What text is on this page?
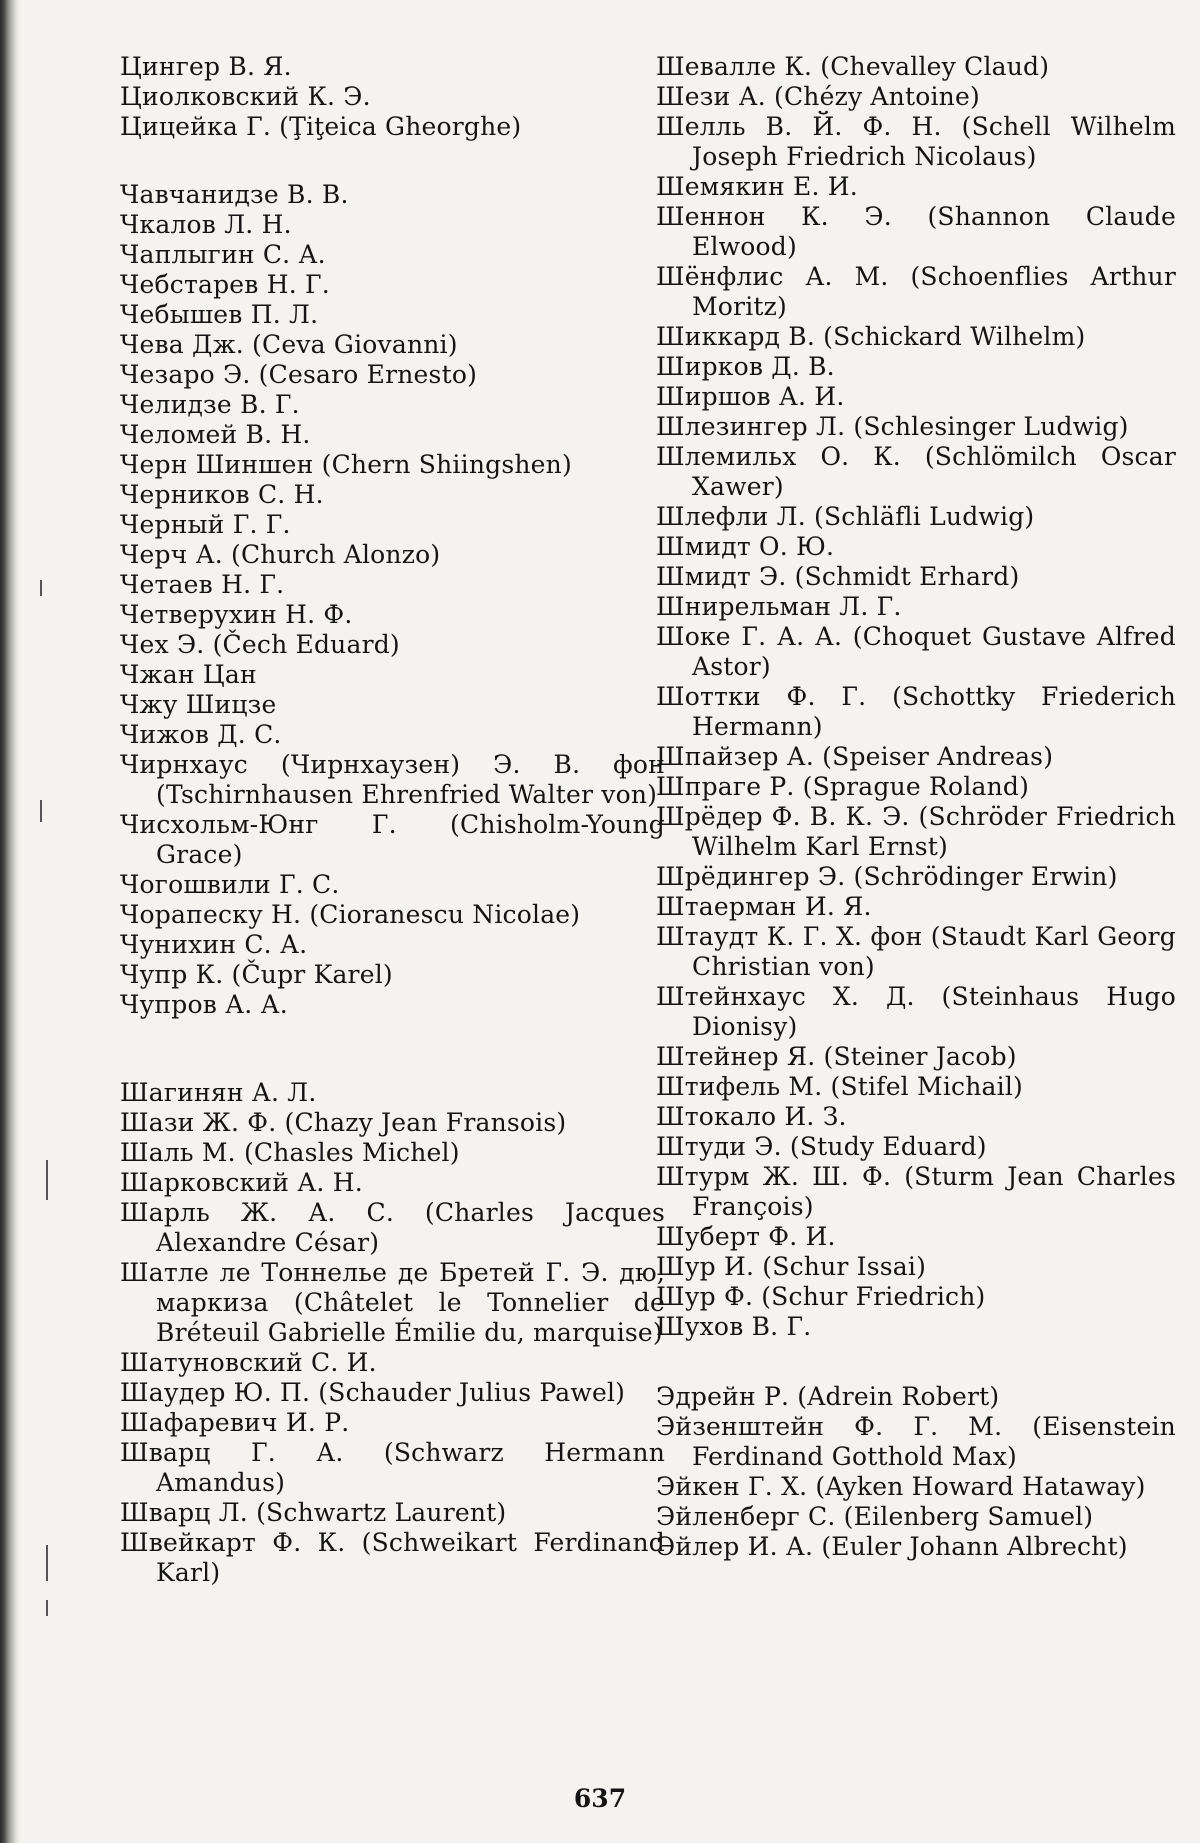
Цингер В. Я.

Циолковский К. Э.

Цицейка Г. (Ţiţeica Gheorghe)

Чавчанидзе В. В.

Чкалов Л. Н.

Чаплыгин С. А.

Чебстарев Н. Г.

Чебышев П. Л.

Чева Дж. (Ceva Giovanni)

Чезаро Э. (Cesaro Ernesto)

Челидзе В. Г.

Челомей В. Н.

Черн Шиншен (Chern Shiingshen)

Черников С. Н.

Черный Г. Г.

Черч А. (Church Alonzo)

Четаев Н. Г.

Четверухин Н. Ф.

Чех Э. (Čech Eduard)

Чжан Цан

Чжу Шицзе

Чижов Д. С.

Чирнхаус (Чирнхаузен) Э. В. фон (Tschirnhausen Ehrenfried Walter von)

Чисхольм-Юнг Г. (Chisholm-Young Grace)

Чогошвили Г. С.

Чорапеску Н. (Cioranescu Nicolae)

Чунихин С. А.

Чупр К. (Čupr Karel)

Чупров А. А.

Шагинян А. Л.

Шази Ж. Ф. (Chazy Jean Fransois)

Шаль М. (Chasles Michel)

Шарковский А. Н.

Шарль Ж. А. С. (Charles Jacques Alexandre César)

Шатле ле Тоннелье де Бретей Г. Э. дю, маркиза (Châtelet le Tonnelier de Bréteuil Gabrielle Émilie du, marquise)

Шатуновский С. И.

Шаудер Ю. П. (Schauder Julius Pawel)

Шафаревич И. Р.

Шварц Г. А. (Schwarz Hermann Amandus)

Шварц Л. (Schwartz Laurent)

Швейкарт Ф. К. (Schweikart Ferdinand Karl)

Шевалле К. (Chevalley Claud)

Шези А. (Chézy Antoine)

Шелль В. Й. Ф. Н. (Schell Wilhelm Joseph Friedrich Nicolaus)

Шемякин Е. И.

Шеннон К. Э. (Shannon Claude Elwood)

Шёнфлис А. М. (Schoenflies Arthur Moritz)

Шиккард В. (Schickard Wilhelm)

Ширков Д. В.

Ширшов А. И.

Шлезингер Л. (Schlesinger Ludwig)

Шлемильх О. К. (Schlömilch Oscar Xawer)

Шлефли Л. (Schläfli Ludwig)

Шмидт О. Ю.

Шмидт Э. (Schmidt Erhard)

Шнирельман Л. Г.

Шоке Г. А. А. (Choquet Gustave Alfred Astor)

Шоттки Ф. Г. (Schottky Friederich Hermann)

Шпайзер А. (Speiser Andreas)

Шпраге Р. (Sprague Roland)

Шрёдер Ф. В. К. Э. (Schröder Friedrich Wilhelm Karl Ernst)

Шрёдингер Э. (Schrödinger Erwin)

Штаерман И. Я.

Штаудт К. Г. Х. фон (Staudt Karl Georg Christian von)

Штейнхаус Х. Д. (Steinhaus Hugo Dionisy)

Штейнер Я. (Steiner Jacob)

Штифель М. (Stifel Michail)

Штокало И. З.

Штуди Э. (Study Eduard)

Штурм Ж. Ш. Ф. (Sturm Jean Charles François)

Шуберт Ф. И.

Шур И. (Schur Issai)

Шур Ф. (Schur Friedrich)

Шухов В. Г.

Эдрейн Р. (Adrein Robert)

Эйзенштейн Ф. Г. М. (Eisenstein Ferdinand Gotthold Max)

Эйкен Г. Х. (Ayken Howard Hataway)

Эйленберг С. (Eilenberg Samuel)

Эйлер И. А. (Euler Johann Albrecht)

637
